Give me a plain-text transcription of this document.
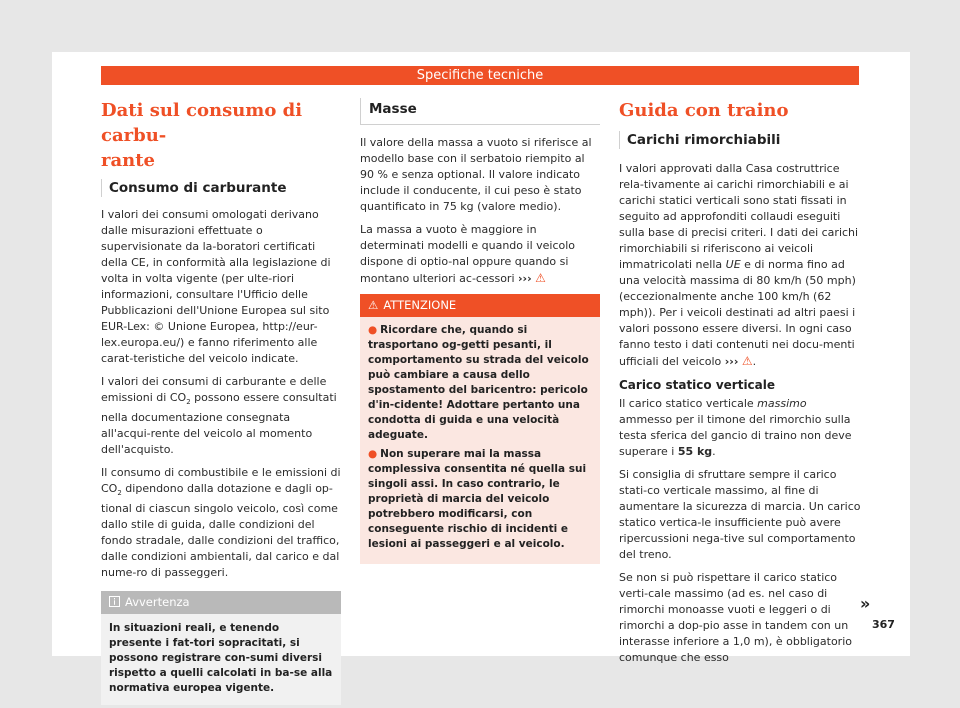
Specifiche tecniche
Dati sul consumo di carbu-
rante
Consumo di carburante

I valori dei consumi omologati derivano dalle misurazioni effettuate o supervisionate da la-boratori certificati della CE, in conformità alla legislazione di volta in volta vigente (per ulte-riori informazioni, consultare l'Ufficio delle Pubblicazioni dell'Unione Europea sul sito EUR-Lex: © Unione Europea, http://eur-lex.europa.eu/) e fanno riferimento alle carat-teristiche del veicolo indicate.

I valori dei consumi di carburante e delle emissioni di $CO_2$ possono essere consultati nella documentazione consegnata all'acqui-rente del veicolo al momento dell'acquisto.

Il consumo di combustibile e le emissioni di $CO_2$ dipendono dalla dotazione e dagli op-tional di ciascun singolo veicolo, così come dallo stile di guida, dalle condizioni del fondo stradale, dalle condizioni del traffico, dalle condizioni ambientali, dal carico e dal nume-ro di passeggeri.

Avvertenza
In situazioni reali, e tenendo presente i fat-tori sopracitati, si possono registrare con-sumi diversi rispetto a quelli calcolati in ba-se alla normativa europea vigente.
Masse

Il valore della massa a vuoto si riferisce al modello base con il serbatoio riempito al 90 % e senza optional. Il valore indicato include il conducente, il cui peso è stato quantificato in 75 kg (valore medio).

La massa a vuoto è maggiore in determinati modelli e quando il veicolo dispone di optio-nal oppure quando si montano ulteriori ac-cessori ››› ⚠

⚠ ATTENZIONE

● Ricordare che, quando si trasportano og-getti pesanti, il comportamento su strada del veicolo può cambiare a causa dello spostamento del baricentro: pericolo d'in-cidente! Adottare pertanto una condotta di guida e una velocità adeguate.

● Non superare mai la massa complessiva consentita né quella sui singoli assi. In caso contrario, le proprietà di marcia del veicolo potrebbero modificarsi, con conseguente rischio di incidenti e lesioni ai passeggeri e al veicolo.

Guida con traino
Carichi rimorchiabili

I valori approvati dalla Casa costruttrice rela-tivamente ai carichi rimorchiabili e ai carichi statici verticali sono stati fissati in seguito ad approfonditi collaudi eseguiti sulla base di precisi criteri. I dati dei carichi rimorchiabili si riferiscono ai veicoli immatricolati nella UE e di norma fino ad una velocità massima di 80 km/h (50 mph) (eccezionalmente anche 100 km/h (62 mph)). Per i veicoli destinati ad altri paesi i valori possono essere diversi. In ogni caso fanno testo i dati contenuti nei docu-menti ufficiali del veicolo ››› ⚠.

Carico statico verticale

Il carico statico verticale massimo ammesso per il timone del rimorchio sulla testa sferica del gancio di traino non deve superare i 55 kg.

Si consiglia di sfruttare sempre il carico stati-co verticale massimo, al fine di aumentare la sicurezza di marcia. Un carico statico vertica-le insufficiente può avere ripercussioni nega-tive sul comportamento del treno.

Se non si può rispettare il carico statico verti-cale massimo (ad es. nel caso di rimorchi monoasse vuoti e leggeri o di rimorchi a dop-pio asse in tandem con un interasse inferiore a 1,0 m), è obbligatorio comunque che esso

»
367
